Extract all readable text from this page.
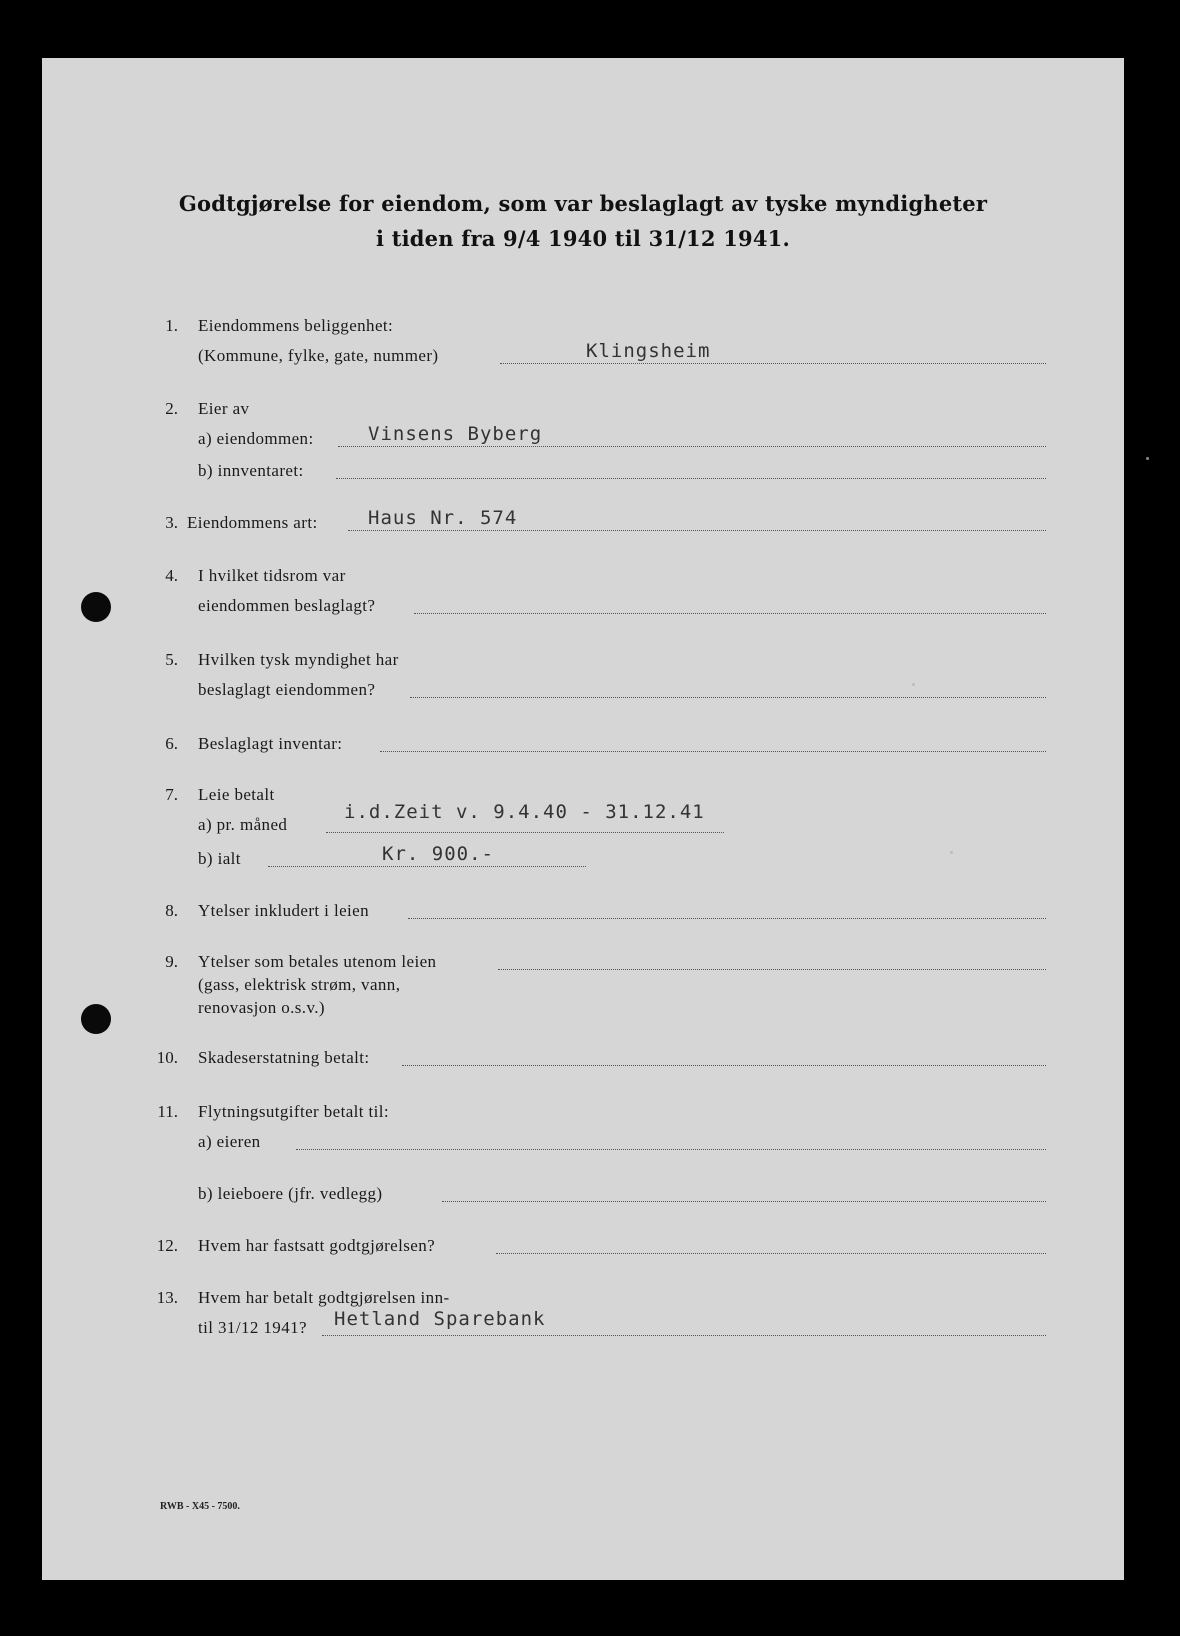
Godtgjørelse for eiendom, som var beslaglagt av tyske myndigheter
i tiden fra 9/4 1940 til 31/12 1941.
1. Eiendommens beliggenhet:
(Kommune, fylke, gate, nummer)	Klingsheim
2. Eier av
a) eiendommen:	Vinsens Byberg
b) innventaret:
3. Eiendommens art:	Haus Nr. 574
4. I hvilket tidsrom var
eiendommen beslaglagt?
5. Hvilken tysk myndighet har
beslaglagt eiendommen?
6. Beslaglagt inventar:
7. Leie betalt
a) pr. måned
i.d.Zeit v. 9.4.40 - 31.12.41
b) ialt	Kr. 900.-
8. Ytelser inkludert i leien
9. Ytelser som betales utenom leien
(gass, elektrisk strøm, vann,
renovasjon o.s.v.)
10. Skadeserstatning betalt:
11. Flytningsutgifter betalt til:
a) eieren
b) leieboere (jfr. vedlegg)
12. Hvem har fastsatt godtgjørelsen?
13. Hvem har betalt godtgjørelsen inn-
til 31/12 1941? Hetland Sparebank
RWB - X45 - 7500.
